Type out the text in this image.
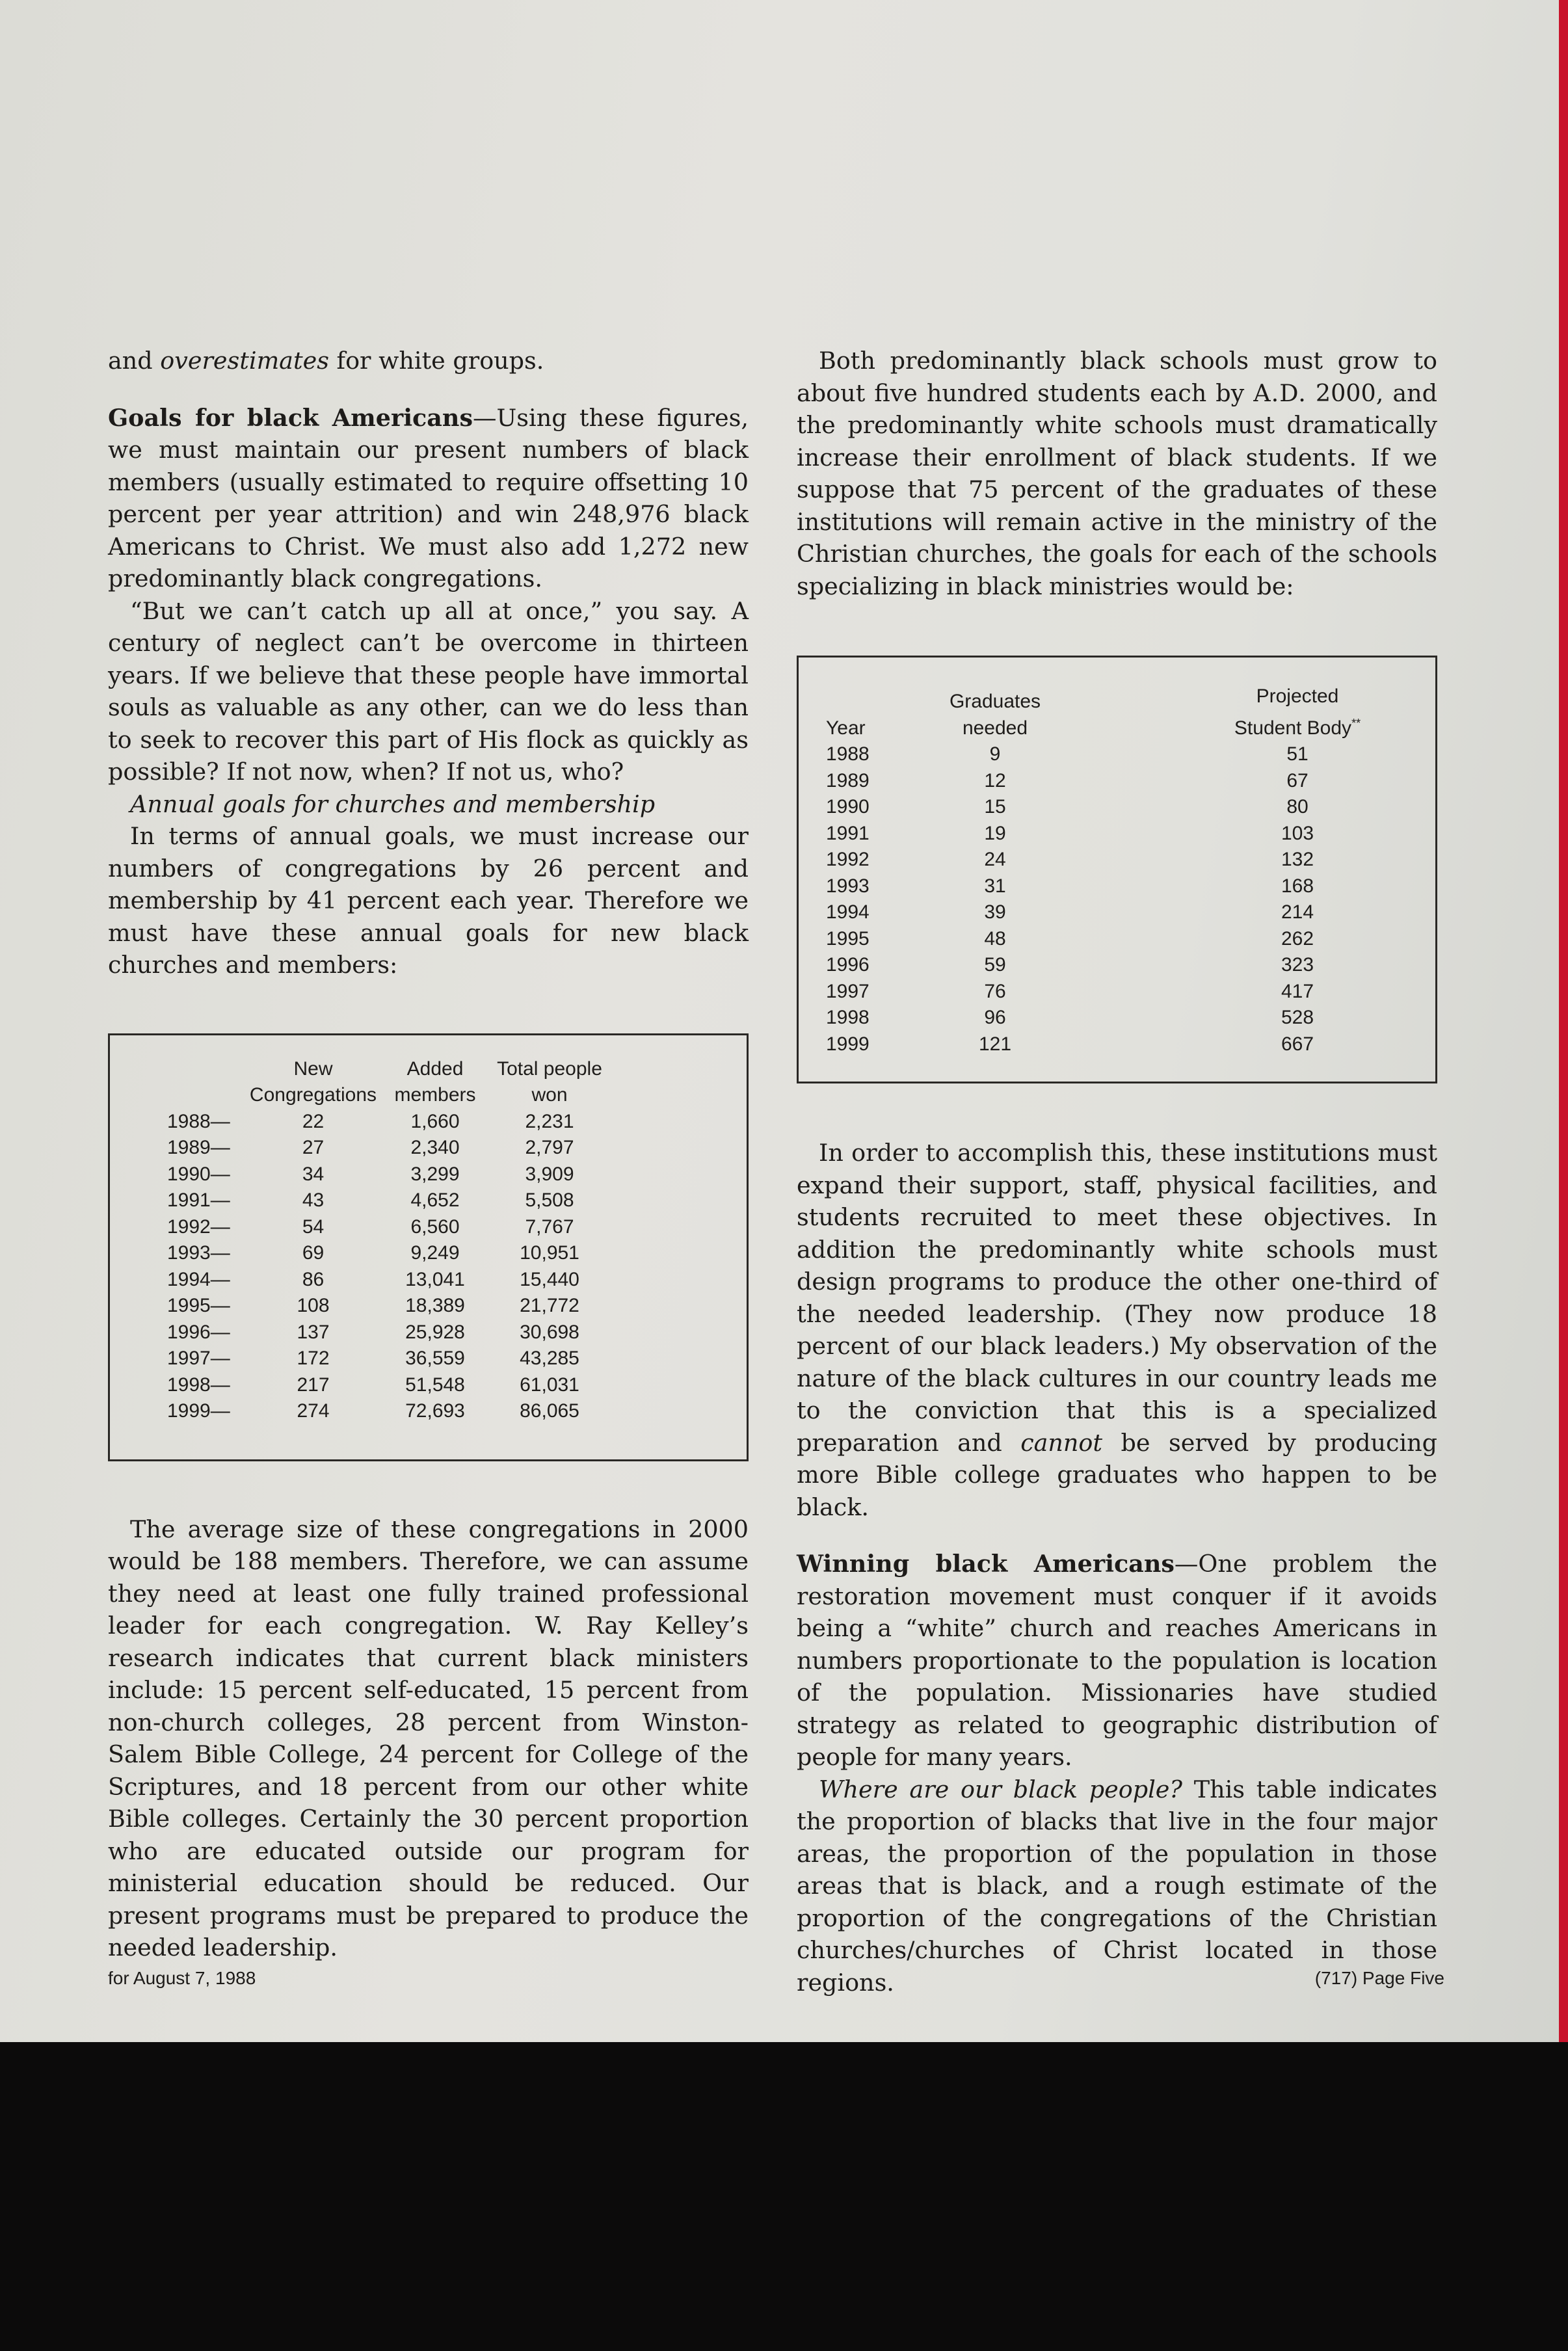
and overestimates for white groups.

Goals for black Americans—Using these figures, we must maintain our present numbers of black members (usually estimated to require offsetting 10 percent per year attrition) and win 248,976 black Americans to Christ. We must also add 1,272 new predominantly black congregations.

“But we can’t catch up all at once,” you say. A century of neglect can’t be overcome in thirteen years. If we believe that these people have immortal souls as valuable as any other, can we do less than to seek to recover this part of His flock as quickly as possible? If not now, when? If not us, who?

Annual goals for churches and membership

In terms of annual goals, we must increase our numbers of congregations by 26 percent and membership by 41 percent each year. Therefore we must have these annual goals for new black churches and members:

		New Congregations	Added members	Total people won	
	1988—	22	1,660	2,231	
	1989—	27	2,340	2,797	
	1990—	34	3,299	3,909	
	1991—	43	4,652	5,508	
	1992—	54	6,560	7,767	
	1993—	69	9,249	10,951	
	1994—	86	13,041	15,440	
	1995—	108	18,389	21,772	
	1996—	137	25,928	30,698	
	1997—	172	36,559	43,285	
	1998—	217	51,548	61,031	
	1999—	274	72,693	86,065	

The average size of these congregations in 2000 would be 188 members. Therefore, we can assume they need at least one fully trained professional leader for each congregation. W. Ray Kelley’s research indicates that current black ministers include: 15 percent self-educated, 15 percent from non-church colleges, 28 percent from Winston-Salem Bible College, 24 percent for College of the Scriptures, and 18 percent from our other white Bible colleges. Certainly the 30 percent proportion who are educated outside our program for ministerial education should be reduced. Our present programs must be prepared to produce the needed leadership.

Both predominantly black schools must grow to about five hundred students each by A.D. 2000, and the predominantly white schools must dramatically increase their enrollment of black students. If we suppose that 75 percent of the graduates of these institutions will remain active in the ministry of the Christian churches, the goals for each of the schools specializing in black ministries would be:

	Year	Graduates needed		Projected Student Body**	
	1988	9		51	
	1989	12		67	
	1990	15		80	
	1991	19		103	
	1992	24		132	
	1993	31		168	
	1994	39		214	
	1995	48		262	
	1996	59		323	
	1997	76		417	
	1998	96		528	
	1999	121		667	

In order to accomplish this, these institutions must expand their support, staff, physical facilities, and students recruited to meet these objectives. In addition the predominantly white schools must design programs to produce the other one-third of the needed leadership. (They now produce 18 percent of our black leaders.) My observation of the nature of the black cultures in our country leads me to the conviction that this is a specialized preparation and cannot be served by producing more Bible college graduates who happen to be black.

Winning black Americans—One problem the restoration movement must conquer if it avoids being a “white” church and reaches Americans in numbers proportionate to the population is location of the population. Missionaries have studied strategy as related to geographic distribution of people for many years.

Where are our black people? This table indicates the proportion of blacks that live in the four major areas, the proportion of the population in those areas that is black, and a rough estimate of the proportion of the congregations of the Christian churches/churches of Christ located in those regions.

for August 7, 1988	(717) Page Five
